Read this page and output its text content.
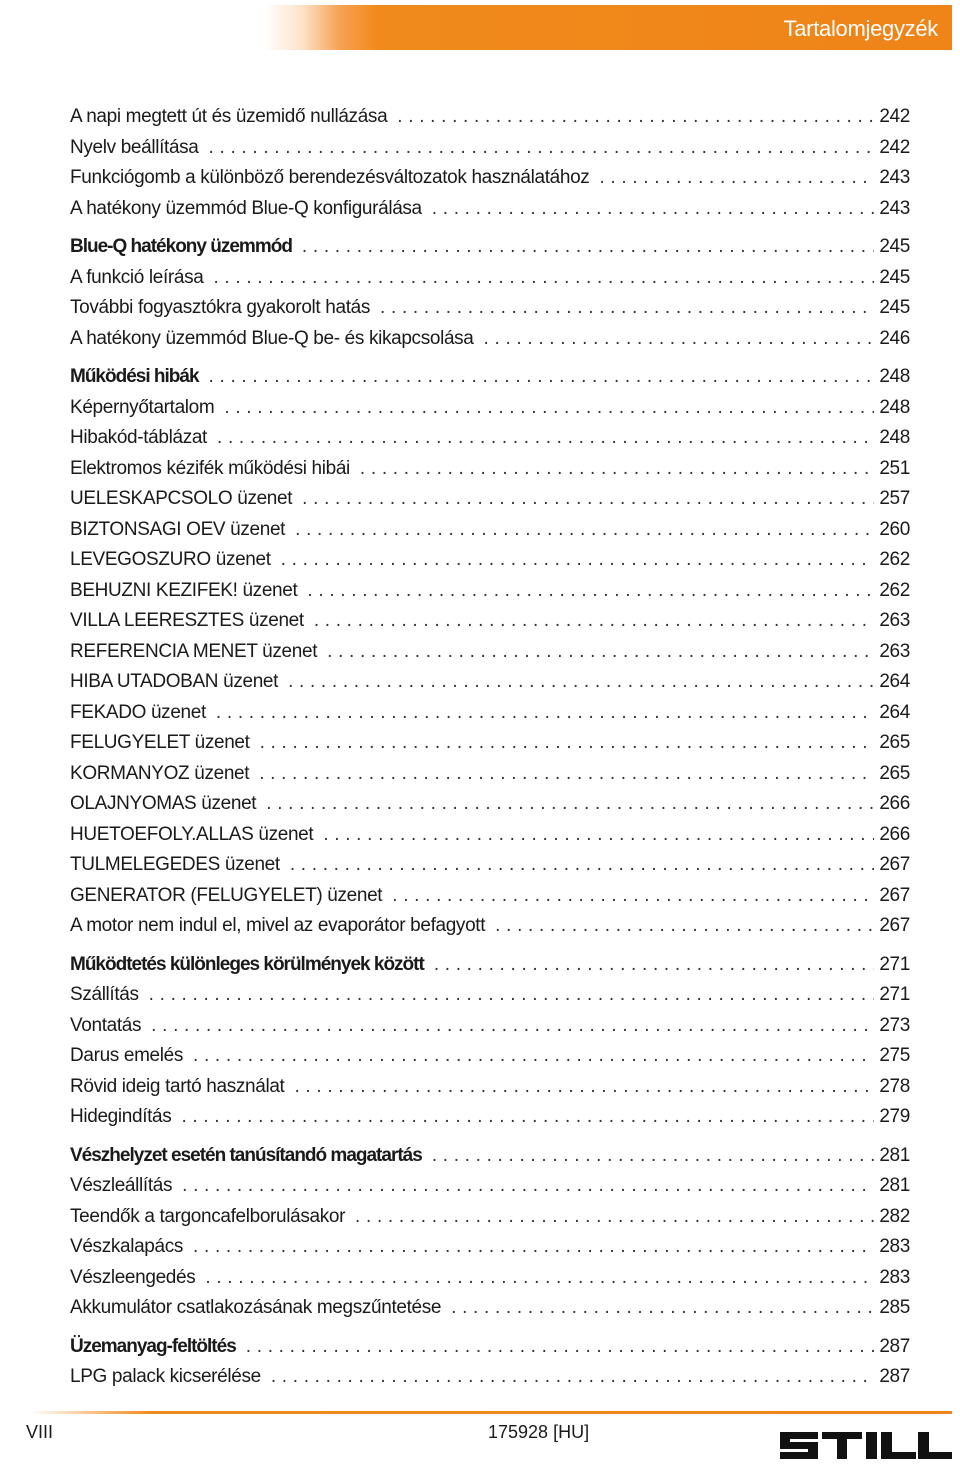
Tartalomjegyzék
A napi megtett út és üzemidő nullázása . . .	242
Nyelv beállítása . . .	242
Funkciógomb a különböző berendezésváltozatok használatához . . .	243
A hatékony üzemmód Blue-Q konfigurálása . . .	243
Blue-Q hatékony üzemmód . . .	245
A funkció leírása . . .	245
További fogyasztókra gyakorolt hatás . . .	245
A hatékony üzemmód Blue-Q be- és kikapcsolása . . .	246
Működési hibák . . .	248
Képernyőtartalom . . .	248
Hibakód-táblázat . . .	248
Elektromos kézifék működési hibái . . .	251
UELESKAPCSOLO üzenet . . .	257
BIZTONSAGI OEV üzenet . . .	260
LEVEGOSZURO üzenet . . .	262
BEHUZNI KEZIFEK! üzenet . . .	262
VILLA LEERESZTES üzenet . . .	263
REFERENCIA MENET üzenet . . .	263
HIBA UTADOBAN üzenet . . .	264
FEKADO üzenet . . .	264
FELUGYELET üzenet . . .	265
KORMANYOZ üzenet . . .	265
OLAJNYOMAS üzenet . . .	266
HUETOEFOLY.ALLAS üzenet . . .	266
TULMELEGEDES üzenet . . .	267
GENERATOR (FELUGYELET) üzenet . . .	267
A motor nem indul el, mivel az evaporátor befagyott . . .	267
Működtetés különleges körülmények között . . .	271
Szállítás . . .	271
Vontatás . . .	273
Darus emelés . . .	275
Rövid ideig tartó használat . . .	278
Hidegindítás . . .	279
Vészhelyzet esetén tanúsítandó magatartás . . .	281
Vészleállítás . . .	281
Teendők a targoncafelborulásakor . . .	282
Vészkalapács . . .	283
Vészleengedés . . .	283
Akkumulátor csatlakozásának megszűntetése . . .	285
Üzemanyag-feltöltés . . .	287
LPG palack kicserélése . . .	287
VIII	175928 [HU]
